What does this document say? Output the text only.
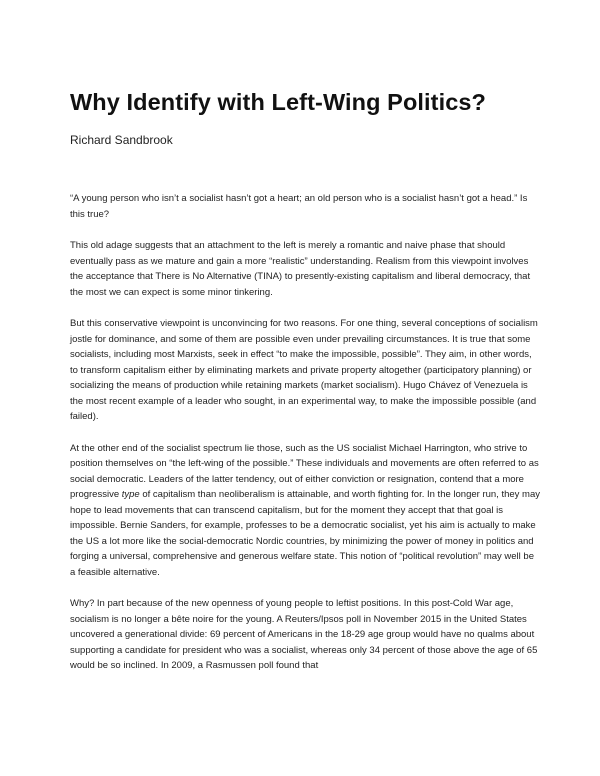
Why Identify with Left-Wing Politics?
Richard Sandbrook

“A young person who isn’t a socialist hasn’t got a heart; an old person who is a socialist hasn’t got a head.” Is this true?

This old adage suggests that an attachment to the left is merely a romantic and naive phase that should eventually pass as we mature and gain a more “realistic” understanding. Realism from this viewpoint involves the acceptance that There is No Alternative (TINA) to presently-existing capitalism and liberal democracy, that the most we can expect is some minor tinkering.

But this conservative viewpoint is unconvincing for two reasons. For one thing, several conceptions of socialism jostle for dominance, and some of them are possible even under prevailing circumstances. It is true that some socialists, including most Marxists, seek in effect “to make the impossible, possible”. They aim, in other words, to transform capitalism either by eliminating markets and private property altogether (participatory planning) or socializing the means of production while retaining markets (market socialism). Hugo Chávez of Venezuela is the most recent example of a leader who sought, in an experimental way, to make the impossible possible (and failed).

At the other end of the socialist spectrum lie those, such as the US socialist Michael Harrington, who strive to position themselves on “the left-wing of the possible.” These individuals and movements are often referred to as social democratic. Leaders of the latter tendency, out of either conviction or resignation, contend that a more progressive type of capitalism than neoliberalism is attainable, and worth fighting for. In the longer run, they may hope to lead movements that can transcend capitalism, but for the moment they accept that that goal is impossible. Bernie Sanders, for example, professes to be a democratic socialist, yet his aim is actually to make the US a lot more like the social-democratic Nordic countries, by minimizing the power of money in politics and forging a universal, comprehensive and generous welfare state. This notion of “political revolution” may well be a feasible alternative.

Why? In part because of the new openness of young people to leftist positions. In this post-Cold War age, socialism is no longer a bête noire for the young. A Reuters/Ipsos poll in November 2015 in the United States uncovered a generational divide: 69 percent of Americans in the 18-29 age group would have no qualms about supporting a candidate for president who was a socialist, whereas only 34 percent of those above the age of 65 would be so inclined. In 2009, a Rasmussen poll found that
